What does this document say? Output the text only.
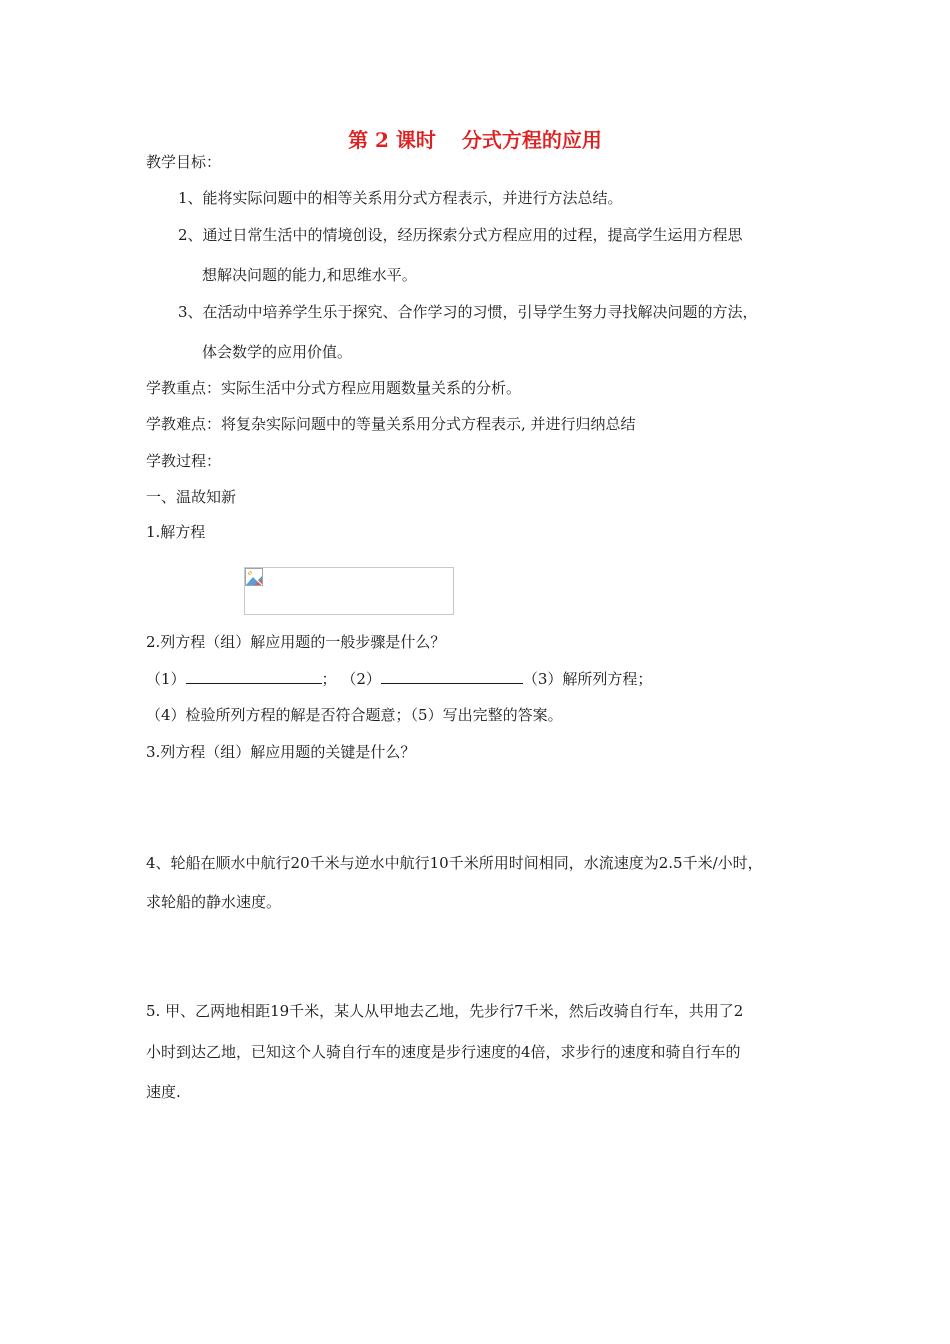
第 2 课时 分式方程的应用
教学目标：
1、能将实际问题中的相等关系用分式方程表示，并进行方法总结。
2、通过日常生活中的情境创设，经历探索分式方程应用的过程，提高学生运用方程思
想解决问题的能力,和思维水平。
3、在活动中培养学生乐于探究、合作学习的习惯，引导学生努力寻找解决问题的方法，
体会数学的应用价值。
学教重点：实际生活中分式方程应用题数量关系的分析。
学教难点：将复杂实际问题中的等量关系用分式方程表示, 并进行归纳总结
学教过程：
一、温故知新
1.解方程
2.列方程（组）解应用题的一般步骤是什么？
（1）	； （2）	（3）解所列方程；
（4）检验所列方程的解是否符合题意；（5）写出完整的答案。
3.列方程（组）解应用题的关键是什么？
4、轮船在顺水中航行20千米与逆水中航行10千米所用时间相同，水流速度为2.5千米/小时，
求轮船的静水速度。
5. 甲、乙两地相距19千米，某人从甲地去乙地，先步行7千米，然后改骑自行车，共用了2
小时到达乙地，已知这个人骑自行车的速度是步行速度的4倍，求步行的速度和骑自行车的
速度.
